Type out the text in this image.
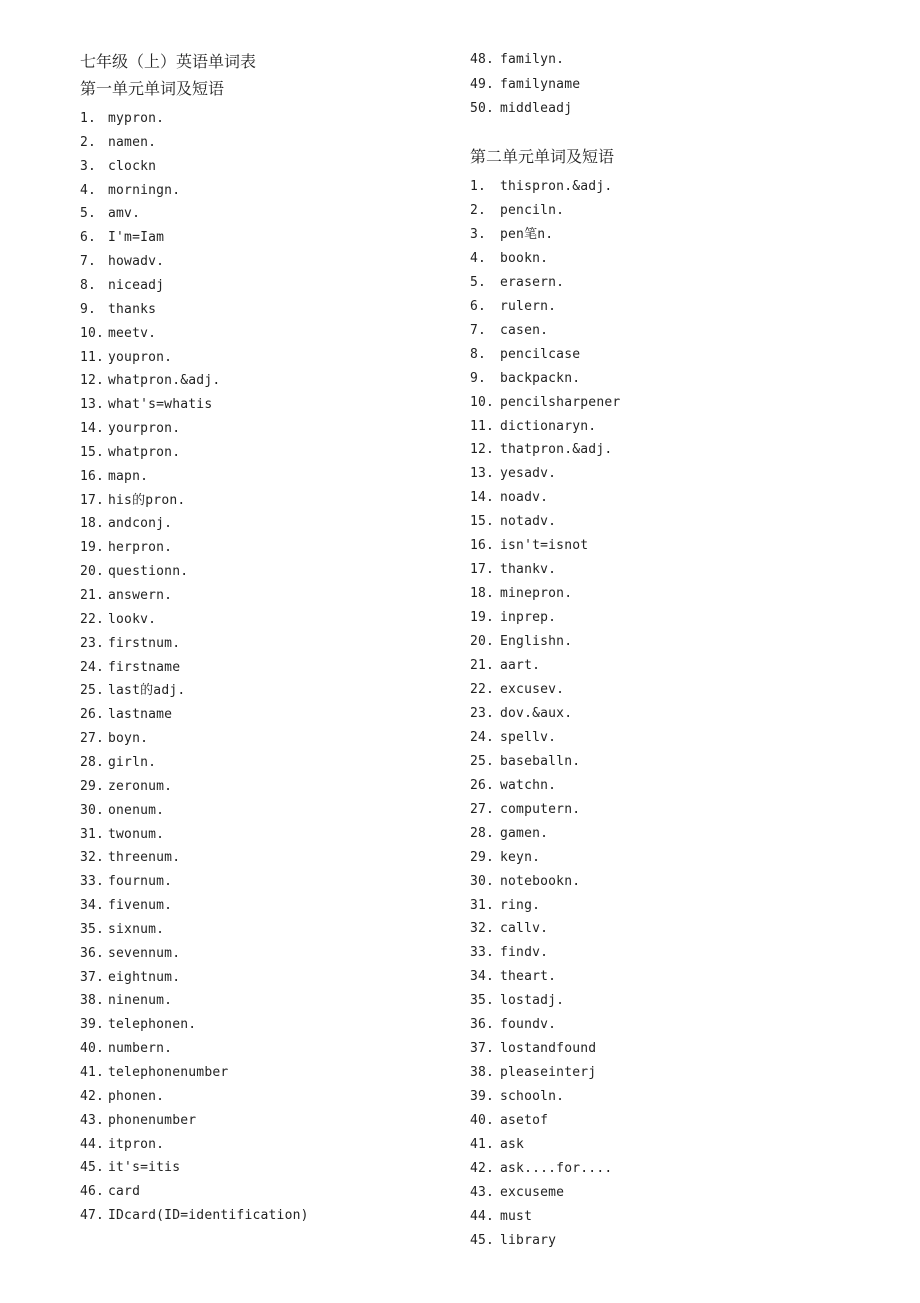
七年级（上）英语单词表
第一单元单词及短语
1. mypron.
2. namen.
3. clockn
4. morningn.
5. amv.
6. I'm=Iam
7. howadv.
8. niceadj
9. thanks
10. meetv.
11. youpron.
12. whatpron.&adj.
13. what's=whatis
14. yourpron.
15. whatpron.
16. mapn.
17. his的pron.
18. andconj.
19. herpron.
20. questionn.
21. answern.
22. lookv.
23. firstnum.
24. firstname
25. last的adj.
26. lastname
27. boyn.
28. girln.
29. zeronum.
30. onenum.
31. twonum.
32. threenum.
33. fournum.
34. fivenum.
35. sixnum.
36. sevennum.
37. eightnum.
38. ninenum.
39. telephonen.
40. numbern.
41. telephonenumber
42. phonen.
43. phonenumber
44. itpron.
45. it's=itis
46. card
47. IDcard(ID=identification)
48. familyn.
49. familyname
50. middleadj
第二单元单词及短语
1. thispron.&adj.
2. penciln.
3. pen笔n.
4. bookn.
5. erasern.
6. rulern.
7. casen.
8. pencilcase
9. backpackn.
10. pencilsharpener
11. dictionaryn.
12. thatpron.&adj.
13. yesadv.
14. noadv.
15. notadv.
16. isn't=isnot
17. thankv.
18. minepron.
19. inprep.
20. Englishn.
21. aart.
22. excusev.
23. dov.&aux.
24. spellv.
25. baseballn.
26. watchn.
27. computern.
28. gamen.
29. keyn.
30. notebookn.
31. ring.
32. callv.
33. findv.
34. theart.
35. lostadj.
36. foundv.
37. lostandfound
38. pleaseinterj
39. schooln.
40. asetof
41. ask
42. ask....for....
43. excuseme
44. must
45. library
